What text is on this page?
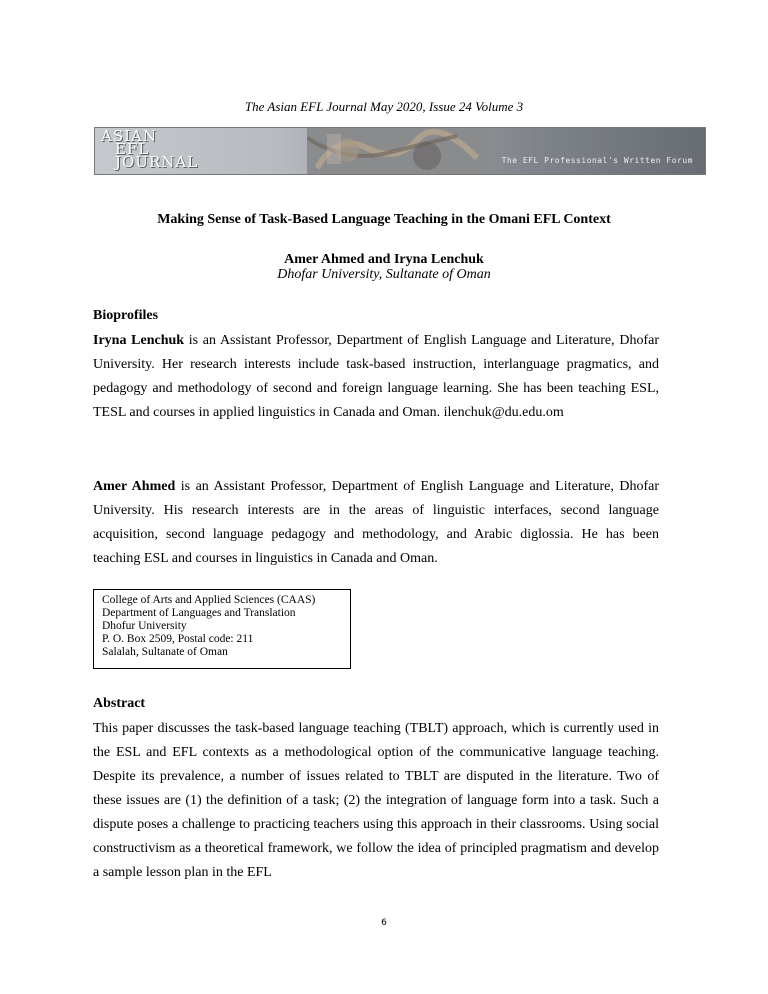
The Asian EFL Journal May 2020, Issue 24 Volume 3
ASIAN
EFL
JOURNAL	The EFL Professional's Written Forum
Making Sense of Task-Based Language Teaching in the Omani EFL Context
Amer Ahmed and Iryna Lenchuk
Dhofar University, Sultanate of Oman
Bioprofiles
Iryna Lenchuk is an Assistant Professor, Department of English Language and Literature, Dhofar University. Her research interests include task-based instruction, interlanguage pragmatics, and pedagogy and methodology of second and foreign language learning. She has been teaching ESL, TESL and courses in applied linguistics in Canada and Oman. ilenchuk@du.edu.om
Amer Ahmed is an Assistant Professor, Department of English Language and Literature, Dhofar University. His research interests are in the areas of linguistic interfaces, second language acquisition, second language pedagogy and methodology, and Arabic diglossia. He has been teaching ESL and courses in linguistics in Canada and Oman.
College of Arts and Applied Sciences (CAAS)
Department of Languages and Translation
Dhofur University
P. O. Box 2509, Postal code: 211
Salalah, Sultanate of Oman
Abstract
This paper discusses the task-based language teaching (TBLT) approach, which is currently used in the ESL and EFL contexts as a methodological option of the communicative language teaching. Despite its prevalence, a number of issues related to TBLT are disputed in the literature. Two of these issues are (1) the definition of a task; (2) the integration of language form into a task. Such a dispute poses a challenge to practicing teachers using this approach in their classrooms. Using social constructivism as a theoretical framework, we follow the idea of principled pragmatism and develop a sample lesson plan in the EFL
6
